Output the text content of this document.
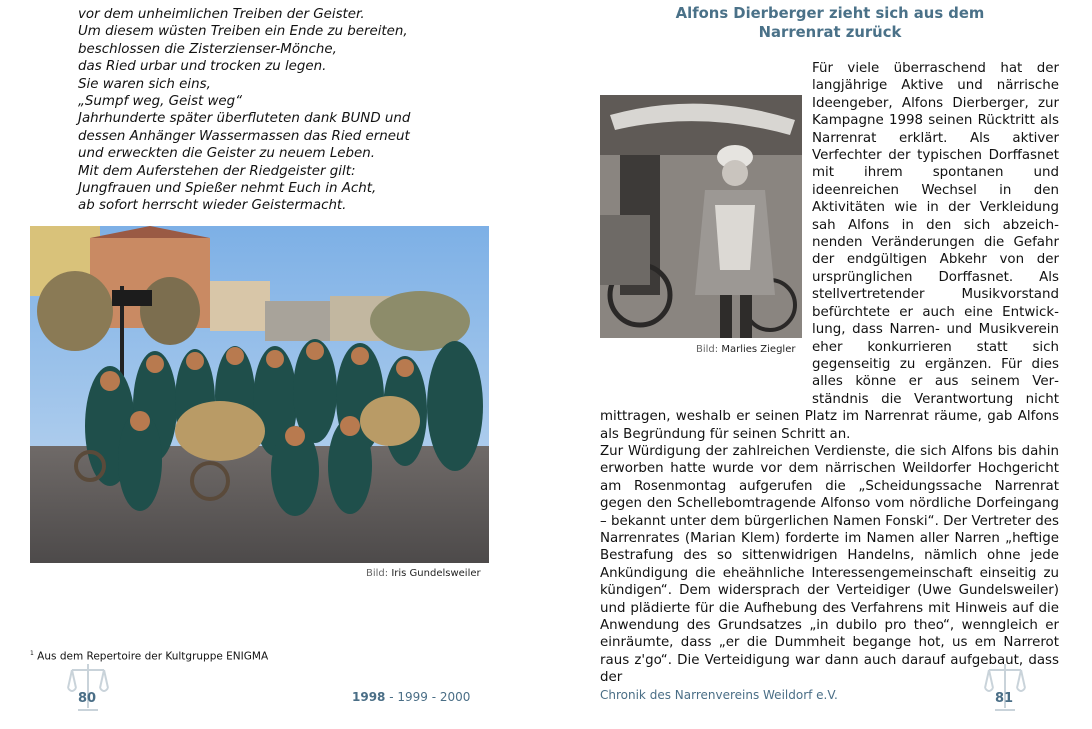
vor dem unheimlichen Treiben der Geister.
Um diesem wüsten Treiben ein Ende zu bereiten,
beschlossen die Zisterzienser-Mönche,
das Ried urbar und trocken zu legen.
Sie waren sich eins,
„Sumpf weg, Geist weg“
Jahrhunderte später überfluteten dank BUND und
dessen Anhänger Wassermassen das Ried erneut
und erweckten die Geister zu neuem Leben.
Mit dem Auferstehen der Riedgeister gilt:
Jungfrauen und Spießer nehmt Euch in Acht,
ab sofort herrscht wieder Geistermacht.
Bild: Iris Gundelsweiler
$^1$ Aus dem Repertoire der Kultgruppe ENIGMA
80	1998 - 1999 - 2000
Alfons Dierberger zieht sich aus dem
Narrenrat zurück

Bild: Marlies Ziegler

Für viele überraschend hat der langjährige Aktive und närrische Ideengeber, Alfons Dierberger, zur Kampagne 1998 seinen Rücktritt als Narrenrat erklärt. Als aktiver Verfechter der typischen Dorffasnet mit ihrem spontanen und ideenreichen Wechsel in den Aktivitäten wie in der Verkleidung sah Alfons in den sich abzeichnenden Veränderungen die Gefahr der endgültigen Abkehr von der ursprünglichen Dorffasnet. Als stellvertretender Musikvorstand befürchtete er auch eine Entwicklung, dass Narren- und Musikverein eher konkurrieren statt sich gegenseitig zu ergänzen. Für dies alles könne er aus seinem Verständnis die Verantwortung nicht mittragen, weshalb er seinen Platz im Narrenrat räume, gab Alfons als Begründung für seinen Schritt an.

Zur Würdigung der zahlreichen Verdienste, die sich Alfons bis dahin erworben hatte wurde vor dem närrischen Weildorfer Hochgericht am Rosenmontag aufgerufen die „Scheidungssache Narrenrat gegen den Schellebomtragende Alfonso vom nördliche Dorfeingang – bekannt unter dem bürgerlichen Namen Fonski“. Der Vertreter des Narrenrates (Marian Klem) forderte im Namen aller Narren „heftige Bestrafung des so sittenwidrigen Handelns, nämlich ohne jede Ankündigung die eheähnliche Interessengemeinschaft einseitig zu kündigen“. Dem widersprach der Verteidiger (Uwe Gundelsweiler) und plädierte für die Aufhebung des Verfahrens mit Hinweis auf die Anwendung des Grundsatzes „in dubilo pro theo“, wenngleich er einräumte, dass „er die Dummheit begange hot, us em Narrerot raus z'go“. Die Verteidigung war dann auch darauf aufgebaut, dass der

Chronik des Narrenvereins Weildorf e.V.	81
